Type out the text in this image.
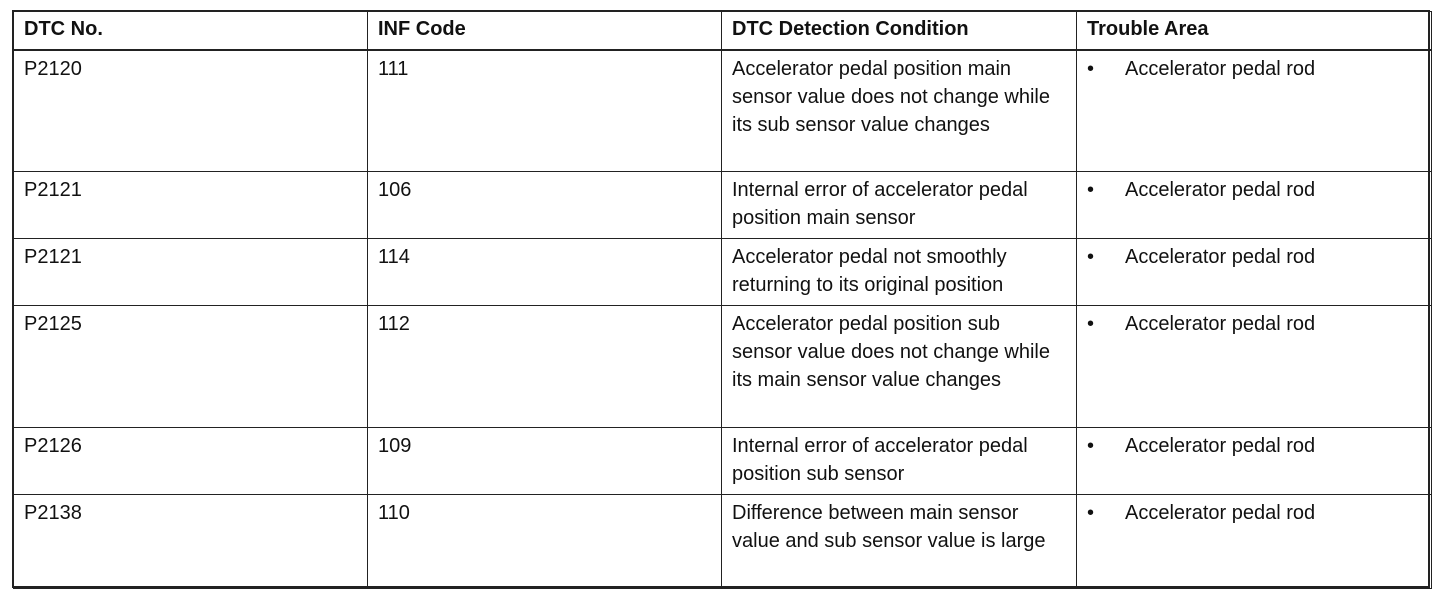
DTC No.	INF Code	DTC Detection Condition	Trouble Area
P2120	111	Accelerator pedal position main sensor value does not change while its sub sensor value changes	• Accelerator pedal rod

P2121	106	Internal error of accelerator pedal position main sensor	• Accelerator pedal rod

P2121	114	Accelerator pedal not smoothly returning to its original position	• Accelerator pedal rod

P2125	112	Accelerator pedal position sub sensor value does not change while its main sensor value changes	• Accelerator pedal rod

P2126	109	Internal error of accelerator pedal position sub sensor	• Accelerator pedal rod

P2138	110	Difference between main sensor value and sub sensor value is large	• Accelerator pedal rod
